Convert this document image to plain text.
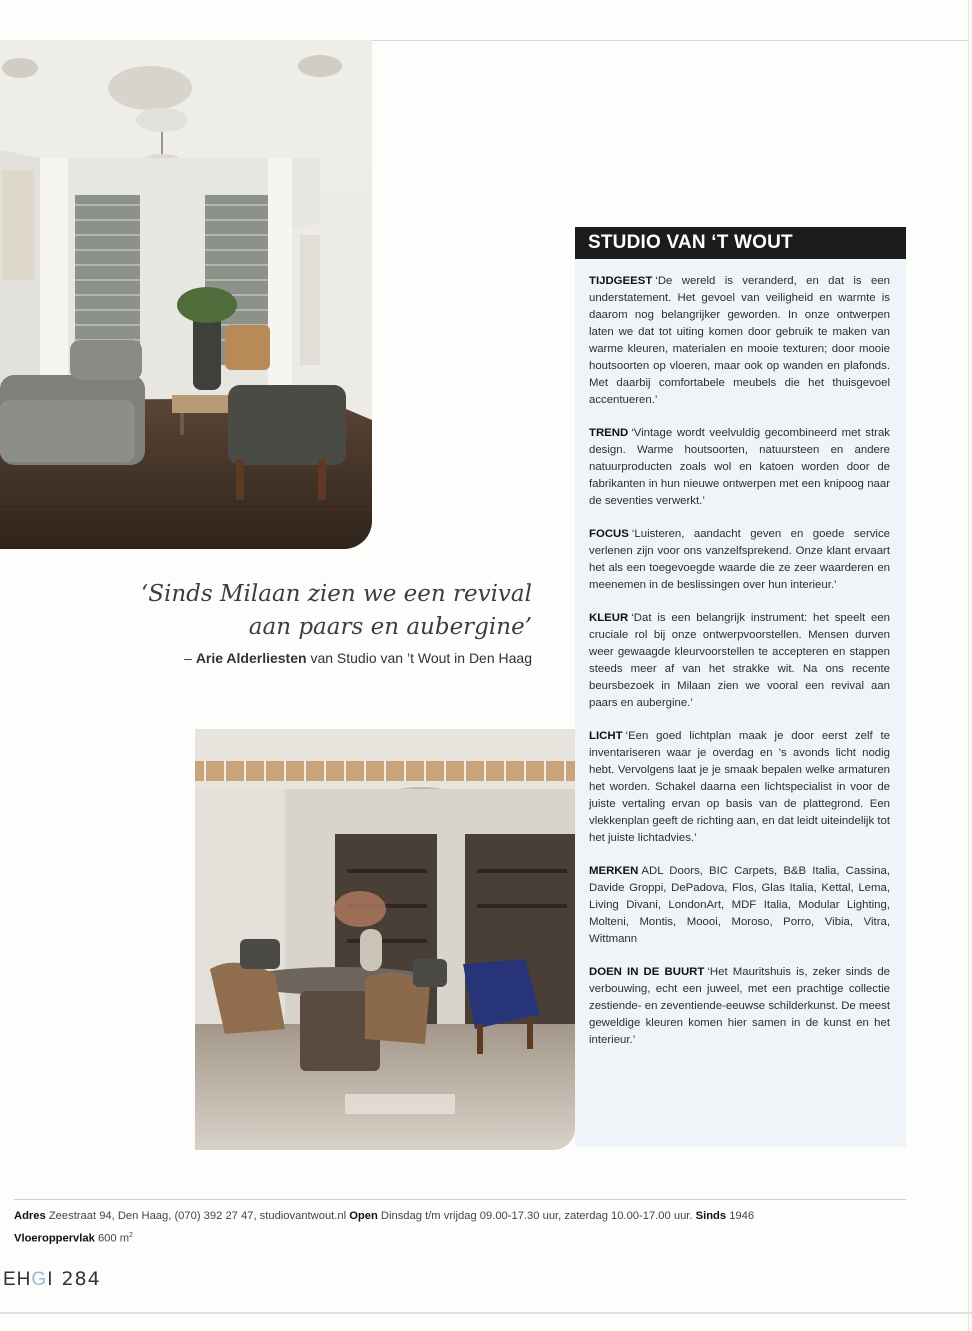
‘Sinds Milaan zien we een revival

aan paars en aubergine’

– Arie Alderliesten van Studio van ’t Wout in Den Haag
STUDIO VAN ‘T WOUT

TIJDGEEST ‘De wereld is veranderd, en dat is een understatement. Het gevoel van veiligheid en warmte is daarom nog belangrijker geworden. In onze ontwerpen laten we dat tot uiting komen door gebruik te maken van warme kleuren, materialen en mooie texturen; door mooie houtsoorten op vloeren, maar ook op wanden en plafonds. Met daarbij comfortabele meubels die het thuisgevoel accentueren.’

TREND ‘Vintage wordt veelvuldig gecombineerd met strak design. Warme houtsoorten, natuursteen en andere natuurproducten zoals wol en katoen worden door de fabrikanten in hun nieuwe ontwerpen met een knipoog naar de seventies verwerkt.’

FOCUS ‘Luisteren, aandacht geven en goede service verlenen zijn voor ons vanzelfsprekend. Onze klant ervaart het als een toegevoegde waarde die ze zeer waarderen en meenemen in de beslissingen over hun interieur.’

KLEUR ‘Dat is een belangrijk instrument: het speelt een cruciale rol bij onze ontwerpvoorstellen. Mensen durven weer gewaagde kleurvoorstellen te accepteren en stappen steeds meer af van het strakke wit. Na ons recente beursbezoek in Milaan zien we vooral een revival aan paars en aubergine.’

LICHT ‘Een goed lichtplan maak je door eerst zelf te inventariseren waar je overdag en ’s avonds licht nodig hebt. Vervolgens laat je je smaak bepalen welke armaturen het worden. Schakel daarna een lichtspecialist in voor de juiste vertaling ervan op basis van de plattegrond. Een vlekkenplan geeft de richting aan, en dat leidt uiteindelijk tot het juiste lichtadvies.’

MERKEN ADL Doors, BIC Carpets, B&B Italia, Cassina, Davide Groppi, DePadova, Flos, Glas Italia, Kettal, Lema, Living Divani, LondonArt, MDF Italia, Modular Lighting, Molteni, Montis, Moooi, Moroso, Porro, Vibia, Vitra, Wittmann

DOEN IN DE BUURT ‘Het Mauritshuis is, zeker sinds de verbouwing, echt een juweel, met een prachtige collectie zestiende- en zeventiende-eeuwse schilderkunst. De meest geweldige kleuren komen hier samen in de kunst en het interieur.’

Adres Zeestraat 94, Den Haag, (070) 392 27 47, studiovantwout.nl Open Dinsdag t/m vrijdag 09.00-17.30 uur, zaterdag 10.00-17.00 uur. Sinds 1946
Vloeroppervlak 600 $m^2$
EHGI 284
